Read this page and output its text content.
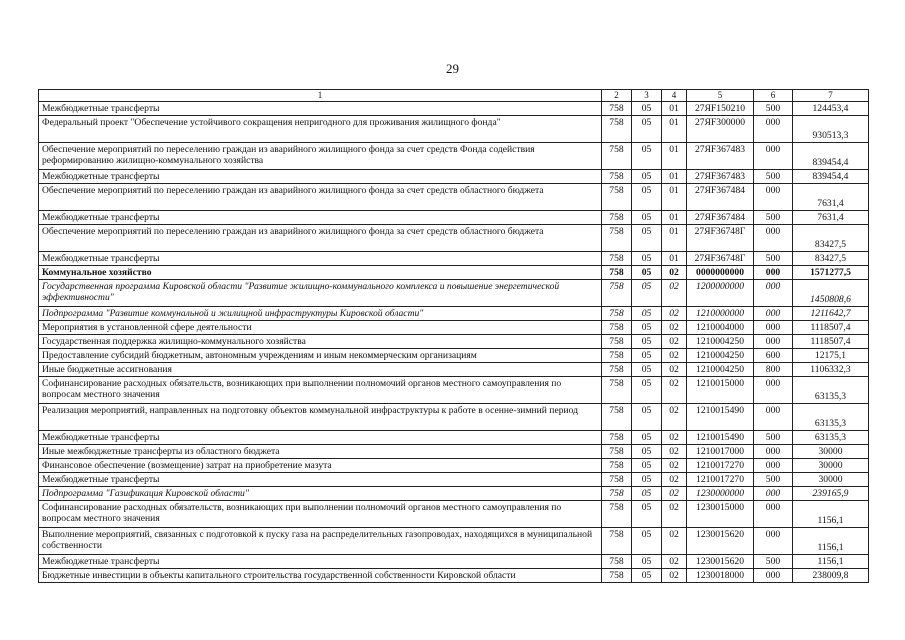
29
1	2	3	4	5	6	7
Межбюджетные трансферты	758	05	01	27ЯF150210	500	124453,4
Федеральный проект "Обеспечение устойчивого сокращения непригодного для проживания жилищного фонда"	758	05	01	27ЯF300000	000	930513,3
Обеспечение мероприятий по переселению граждан из аварийного жилищного фонда за счет средств Фонда содействия реформированию жилищно-коммунального хозяйства	758	05	01	27ЯF367483	000	839454,4
Межбюджетные трансферты	758	05	01	27ЯF367483	500	839454,4
Обеспечение мероприятий по переселению граждан из аварийного жилищного фонда за счет средств областного бюджета	758	05	01	27ЯF367484	000	7631,4
Межбюджетные трансферты	758	05	01	27ЯF367484	500	7631,4
Обеспечение мероприятий по переселению граждан из аварийного жилищного фонда за счет средств областного бюджета	758	05	01	27ЯF36748Г	000	83427,5
Межбюджетные трансферты	758	05	01	27ЯF36748Г	500	83427,5
Коммунальное хозяйство	758	05	02	0000000000	000	1571277,5
Государственная программа Кировской области "Развитие жилищно-коммунального комплекса и повышение энергетической эффективности"	758	05	02	1200000000	000	1450808,6
Подпрограмма "Развитие коммунальной и жилищной инфраструктуры Кировской области"	758	05	02	1210000000	000	1211642,7
Мероприятия в установленной сфере деятельности	758	05	02	1210004000	000	1118507,4
Государственная поддержка жилищно-коммунального хозяйства	758	05	02	1210004250	000	1118507,4
Предоставление субсидий бюджетным, автономным учреждениям и иным некоммерческим организациям	758	05	02	1210004250	600	12175,1
Иные бюджетные ассигнования	758	05	02	1210004250	800	1106332,3
Софинансирование расходных обязательств, возникающих при выполнении полномочий органов местного самоуправления по вопросам местного значения	758	05	02	1210015000	000	63135,3
Реализация мероприятий, направленных на подготовку объектов коммунальной инфраструктуры к работе в осенне-зимний период	758	05	02	1210015490	000	63135,3
Межбюджетные трансферты	758	05	02	1210015490	500	63135,3
Иные межбюджетные трансферты из областного бюджета	758	05	02	1210017000	000	30000
Финансовое обеспечение (возмещение) затрат на приобретение мазута	758	05	02	1210017270	000	30000
Межбюджетные трансферты	758	05	02	1210017270	500	30000
Подпрограмма "Газификация Кировской области"	758	05	02	1230000000	000	239165,9
Софинансирование расходных обязательств, возникающих при выполнении полномочий органов местного самоуправления по вопросам местного значения	758	05	02	1230015000	000	1156,1
Выполнение мероприятий, связанных с подготовкой к пуску газа на распределительных газопроводах, находящихся в муниципальной собственности	758	05	02	1230015620	000	1156,1
Межбюджетные трансферты	758	05	02	1230015620	500	1156,1
Бюджетные инвестиции в объекты капитального строительства государственной собственности Кировской области	758	05	02	1230018000	000	238009,8
